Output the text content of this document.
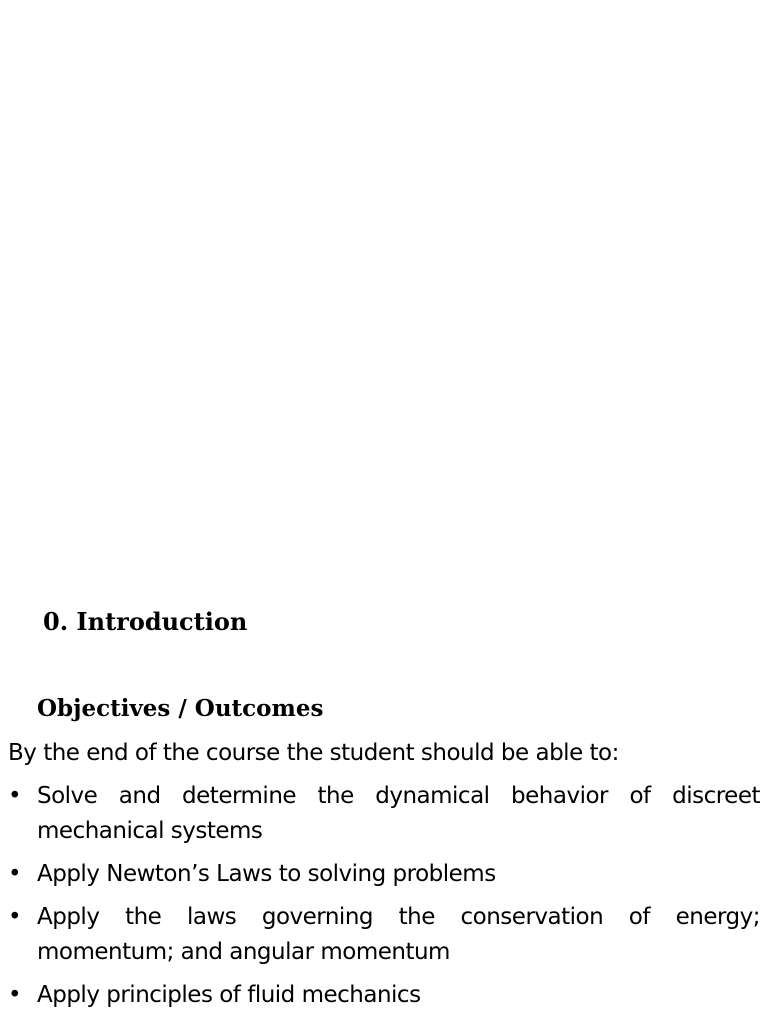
0. Introduction
Objectives / Outcomes

By the end of the course the student should be able to:

• Solve and determine the dynamical behavior of discreet mechanical systems
• Apply Newton’s Laws to solving problems
• Apply the laws governing the conservation of energy; momentum; and angular momentum
• Apply principles of fluid mechanics
